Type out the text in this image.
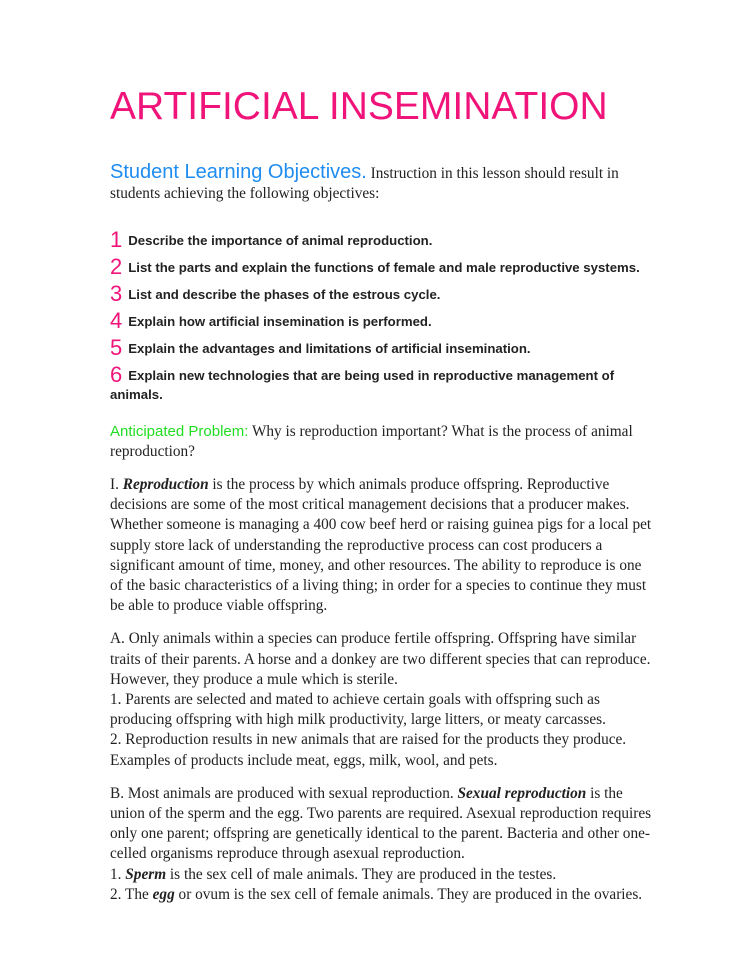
ARTIFICIAL INSEMINATION
Student Learning Objectives. Instruction in this lesson should result in students achieving the following objectives:
1 Describe the importance of animal reproduction.
2 List the parts and explain the functions of female and male reproductive systems.
3 List and describe the phases of the estrous cycle.
4 Explain how artificial insemination is performed.
5 Explain the advantages and limitations of artificial insemination.
6 Explain new technologies that are being used in reproductive management of animals.
Anticipated Problem: Why is reproduction important? What is the process of animal reproduction?
I. Reproduction is the process by which animals produce offspring. Reproductive decisions are some of the most critical management decisions that a producer makes. Whether someone is managing a 400 cow beef herd or raising guinea pigs for a local pet supply store lack of understanding the reproductive process can cost producers a significant amount of time, money, and other resources. The ability to reproduce is one of the basic characteristics of a living thing; in order for a species to continue they must be able to produce viable offspring.
A. Only animals within a species can produce fertile offspring. Offspring have similar traits of their parents. A horse and a donkey are two different species that can reproduce. However, they produce a mule which is sterile.
1. Parents are selected and mated to achieve certain goals with offspring such as producing offspring with high milk productivity, large litters, or meaty carcasses.
2. Reproduction results in new animals that are raised for the products they produce. Examples of products include meat, eggs, milk, wool, and pets.
B. Most animals are produced with sexual reproduction. Sexual reproduction is the union of the sperm and the egg. Two parents are required. Asexual reproduction requires only one parent; offspring are genetically identical to the parent. Bacteria and other one-celled organisms reproduce through asexual reproduction.
1. Sperm is the sex cell of male animals. They are produced in the testes.
2. The egg or ovum is the sex cell of female animals. They are produced in the ovaries.
